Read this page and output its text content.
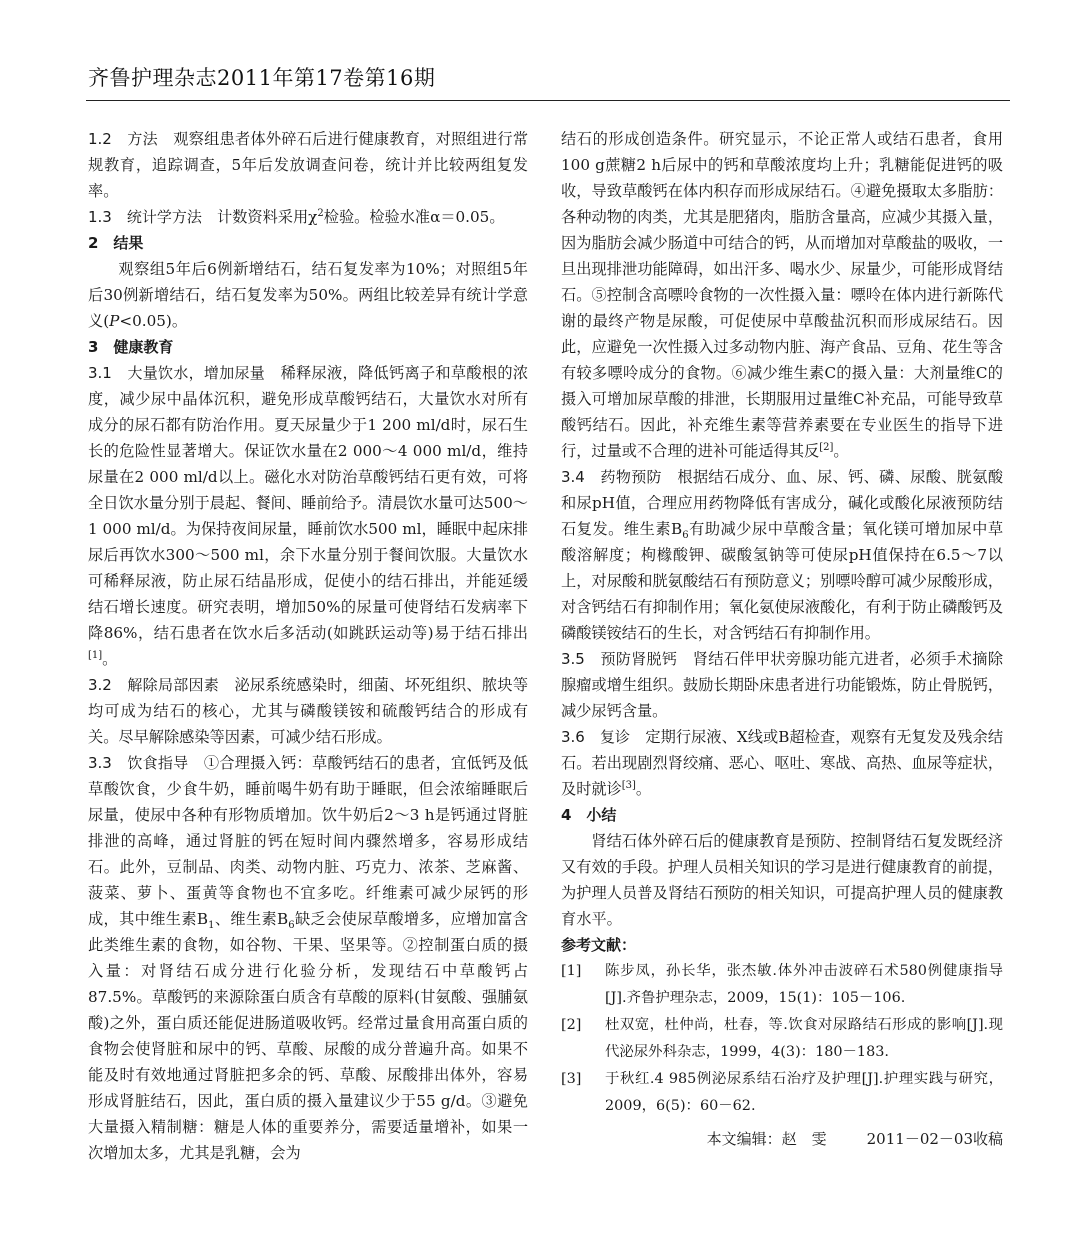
齐鲁护理杂志2011年第17卷第16期

1.2　方法　 观察组患者体外碎石后进行健康教育，对照组进行常规教育，追踪调查，5年后发放调查问卷，统计并比较两组复发率。

1.3　统计学方法　 计数资料采用$\chi^2$检验。检验水准α＝0.05。

2　结果

观察组5年后6例新增结石，结石复发率为10%；对照组5年后30例新增结石，结石复发率为50%。两组比较差异有统计学意义(P<0.05)。

3　健康教育

3.1　大量饮水，增加尿量　 稀释尿液，降低钙离子和草酸根的浓度，减少尿中晶体沉积，避免形成草酸钙结石，大量饮水对所有成分的尿石都有防治作用。夏天尿量少于1 200 ml/d时，尿石生长的危险性显著增大。保证饮水量在2 000～4 000 ml/d，维持尿量在2 000 ml/d以上。磁化水对防治草酸钙结石更有效，可将全日饮水量分别于晨起、餐间、睡前给予。清晨饮水量可达500～1 000 ml/d。为保持夜间尿量，睡前饮水500 ml，睡眠中起床排尿后再饮水300～500 ml，余下水量分别于餐间饮服。大量饮水可稀释尿液，防止尿石结晶形成，促使小的结石排出，并能延缓结石增长速度。研究表明，增加50%的尿量可使肾结石发病率下降86%，结石患者在饮水后多活动(如跳跃运动等)易于结石排出[1]。

3.2　解除局部因素　 泌尿系统感染时，细菌、坏死组织、脓块等均可成为结石的核心，尤其与磷酸镁铵和硫酸钙结合的形成有关。尽早解除感染等因素，可减少结石形成。

3.3　饮食指导　 ①合理摄入钙：草酸钙结石的患者，宜低钙及低草酸饮食，少食牛奶，睡前喝牛奶有助于睡眠，但会浓缩睡眠后尿量，使尿中各种有形物质增加。饮牛奶后2～3 h是钙通过肾脏排泄的高峰，通过肾脏的钙在短时间内骤然增多，容易形成结石。此外，豆制品、肉类、动物内脏、巧克力、浓茶、芝麻酱、菠菜、萝卜、蛋黄等食物也不宜多吃。纤维素可减少尿钙的形成，其中维生素$B_1$、维生素$B_6$缺乏会使尿草酸增多，应增加富含此类维生素的食物，如谷物、干果、坚果等。②控制蛋白质的摄入量：对肾结石成分进行化验分析，发现结石中草酸钙占87.5%。草酸钙的来源除蛋白质含有草酸的原料(甘氨酸、强脯氨酸)之外，蛋白质还能促进肠道吸收钙。经常过量食用高蛋白质的食物会使肾脏和尿中的钙、草酸、尿酸的成分普遍升高。如果不能及时有效地通过肾脏把多余的钙、草酸、尿酸排出体外，容易形成肾脏结石，因此，蛋白质的摄入量建议少于55 g/d。③避免大量摄入精制糖：糖是人体的重要养分，需要适量增补，如果一次增加太多，尤其是乳糖，会为

结石的形成创造条件。研究显示，不论正常人或结石患者，食用100 g蔗糖2 h后尿中的钙和草酸浓度均上升；乳糖能促进钙的吸收，导致草酸钙在体内积存而形成尿结石。④避免摄取太多脂肪：各种动物的肉类，尤其是肥猪肉，脂肪含量高，应减少其摄入量，因为脂肪会减少肠道中可结合的钙，从而增加对草酸盐的吸收，一旦出现排泄功能障碍，如出汗多、喝水少、尿量少，可能形成肾结石。⑤控制含高嘌呤食物的一次性摄入量：嘌呤在体内进行新陈代谢的最终产物是尿酸，可促使尿中草酸盐沉积而形成尿结石。因此，应避免一次性摄入过多动物内脏、海产食品、豆角、花生等含有较多嘌呤成分的食物。⑥减少维生素C的摄入量：大剂量维C的摄入可增加尿草酸的排泄，长期服用过量维C补充品，可能导致草酸钙结石。因此，补充维生素等营养素要在专业医生的指导下进行，过量或不合理的进补可能适得其反[2]。

3.4　药物预防　 根据结石成分、血、尿、钙、磷、尿酸、胱氨酸和尿pH值，合理应用药物降低有害成分，碱化或酸化尿液预防结石复发。维生素$B_6$有助减少尿中草酸含量；氧化镁可增加尿中草酸溶解度；枸橼酸钾、碳酸氢钠等可使尿pH值保持在6.5～7以上，对尿酸和胱氨酸结石有预防意义；别嘌呤醇可减少尿酸形成，对含钙结石有抑制作用；氧化氨使尿液酸化，有利于防止磷酸钙及磷酸镁铵结石的生长，对含钙结石有抑制作用。

3.5　预防肾脱钙　 肾结石伴甲状旁腺功能亢进者，必须手术摘除腺瘤或增生组织。鼓励长期卧床患者进行功能锻炼，防止骨脱钙，减少尿钙含量。

3.6　复诊　 定期行尿液、X线或B超检查，观察有无复发及残余结石。若出现剧烈肾绞痛、恶心、呕吐、寒战、高热、血尿等症状，及时就诊[3]。

4　小结

肾结石体外碎石后的健康教育是预防、控制肾结石复发既经济又有效的手段。护理人员相关知识的学习是进行健康教育的前提，为护理人员普及肾结石预防的相关知识，可提高护理人员的健康教育水平。

参考文献：

[1]	陈步凤，孙长华，张杰敏.体外冲击波碎石术580例健康指导[J].齐鲁护理杂志，2009，15(1)：105－106.
[2]	杜双宽，杜仲尚，杜春，等.饮食对尿路结石形成的影响[J].现代泌尿外科杂志，1999，4(3)：180－183.
[3]	于秋红.4 985例泌尿系结石治疗及护理[J].护理实践与研究，2009，6(5)：60－62.
本文编辑：赵　雯　　	2011－02－03收稿
